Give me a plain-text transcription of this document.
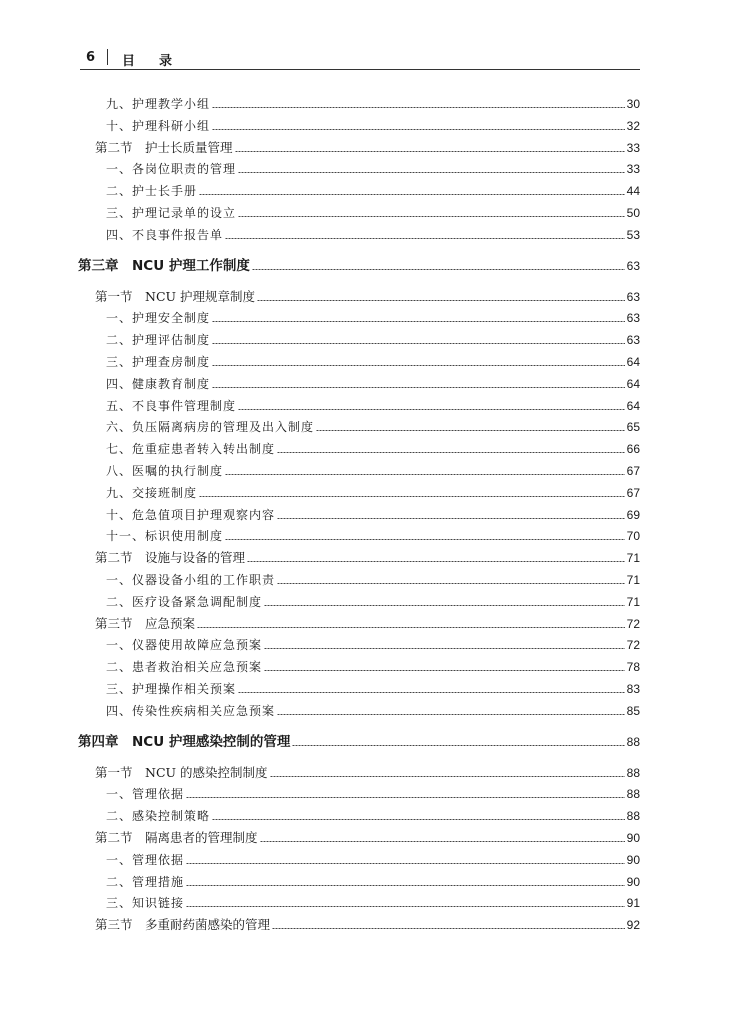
6 目录
九、护理教学小组	30
十、护理科研小组	32
第二节　护士长质量管理	33
一、各岗位职责的管理	33
二、护士长手册	44
三、护理记录单的设立	50
四、不良事件报告单	53
第三章　NCU 护理工作制度	63
第一节　NCU 护理规章制度	63
一、护理安全制度	63
二、护理评估制度	63
三、护理查房制度	64
四、健康教育制度	64
五、不良事件管理制度	64
六、负压隔离病房的管理及出入制度	65
七、危重症患者转入转出制度	66
八、医嘱的执行制度	67
九、交接班制度	67
十、危急值项目护理观察内容	69
十一、标识使用制度	70
第二节　设施与设备的管理	71
一、仪器设备小组的工作职责	71
二、医疗设备紧急调配制度	71
第三节　应急预案	72
一、仪器使用故障应急预案	72
二、患者救治相关应急预案	78
三、护理操作相关预案	83
四、传染性疾病相关应急预案	85
第四章　NCU 护理感染控制的管理	88
第一节　NCU 的感染控制制度	88
一、管理依据	88
二、感染控制策略	88
第二节　隔离患者的管理制度	90
一、管理依据	90
二、管理措施	90
三、知识链接	91
第三节　多重耐药菌感染的管理	92
